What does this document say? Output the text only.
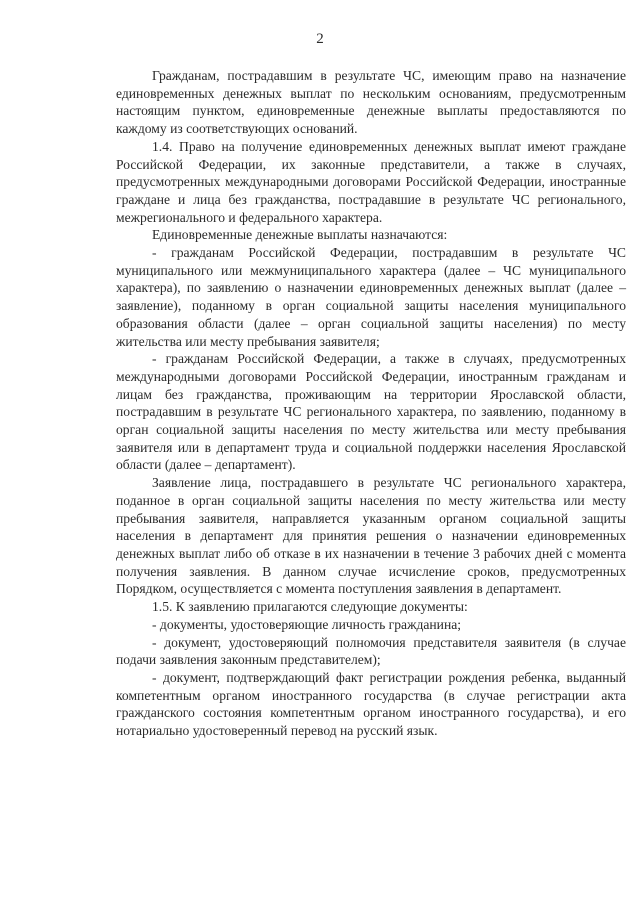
2

Гражданам, пострадавшим в результате ЧС, имеющим право на назначение единовременных денежных выплат по нескольким основаниям, предусмотренным настоящим пунктом, единовременные денежные выплаты предоставляются по каждому из соответствующих оснований.

1.4. Право на получение единовременных денежных выплат имеют граждане Российской Федерации, их законные представители, а также в случаях, предусмотренных международными договорами Российской Федерации, иностранные граждане и лица без гражданства, пострадавшие в результате ЧС регионального, межрегионального и федерального характера.

Единовременные денежные выплаты назначаются:

- гражданам Российской Федерации, пострадавшим в результате ЧС муниципального или межмуниципального характера (далее – ЧС муниципального характера), по заявлению о назначении единовременных денежных выплат (далее – заявление), поданному в орган социальной защиты населения муниципального образования области (далее – орган социальной защиты населения) по месту жительства или месту пребывания заявителя;

- гражданам Российской Федерации, а также в случаях, предусмотренных международными договорами Российской Федерации, иностранным гражданам и лицам без гражданства, проживающим на территории Ярославской области, пострадавшим в результате ЧС регионального характера, по заявлению, поданному в орган социальной защиты населения по месту жительства или месту пребывания заявителя или в департамент труда и социальной поддержки населения Ярославской области (далее – департамент).

Заявление лица, пострадавшего в результате ЧС регионального характера, поданное в орган социальной защиты населения по месту жительства или месту пребывания заявителя, направляется указанным органом социальной защиты населения в департамент для принятия решения о назначении единовременных денежных выплат либо об отказе в их назначении в течение 3 рабочих дней с момента получения заявления. В данном случае исчисление сроков, предусмотренных Порядком, осуществляется с момента поступления заявления в департамент.

1.5. К заявлению прилагаются следующие документы:

- документы, удостоверяющие личность гражданина;

- документ, удостоверяющий полномочия представителя заявителя (в случае подачи заявления законным представителем);

- документ, подтверждающий факт регистрации рождения ребенка, выданный компетентным органом иностранного государства (в случае регистрации акта гражданского состояния компетентным органом иностранного государства), и его нотариально удостоверенный перевод на русский язык.
